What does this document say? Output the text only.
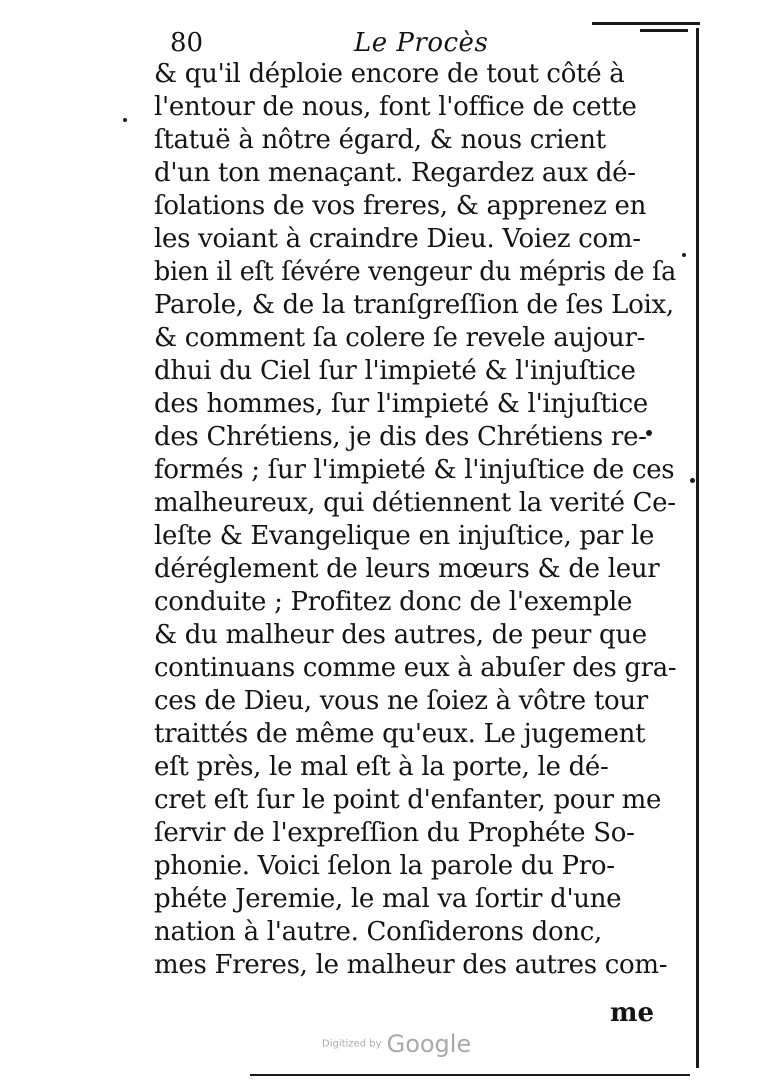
80	Le Procès
& qu'il déploie encore de tout côté à
l'entour de nous, font l'office de cette
ſtatuë à nôtre égard, & nous crient
d'un ton menaçant. Regardez aux dé-
ſolations de vos freres, & apprenez en
les voiant à craindre Dieu. Voiez com-
bien il eſt ſévére vengeur du mépris de ſa
Parole, & de la tranſgreſſion de ſes Loix,
& comment ſa colere ſe revele aujour-
dhui du Ciel ſur l'impieté & l'injuſtice
des hommes, ſur l'impieté & l'injuſtice
des Chrétiens, je dis des Chrétiens re-
formés ; ſur l'impieté & l'injuſtice de ces
malheureux, qui détiennent la verité Ce-
leſte & Evangelique en injuſtice, par le
déréglement de leurs mœurs & de leur
conduite ; Profitez donc de l'exemple
& du malheur des autres, de peur que
continuans comme eux à abuſer des gra-
ces de Dieu, vous ne ſoiez à vôtre tour
traittés de même qu'eux. Le jugement
eſt près, le mal eſt à la porte, le dé-
cret eſt ſur le point d'enfanter, pour me
ſervir de l'expreſſion du Prophéte So-
phonie. Voici ſelon la parole du Pro-
phéte Jeremie, le mal va ſortir d'une
nation à l'autre. Conſiderons donc,
mes Freres, le malheur des autres com-
me
Digitized by Google
